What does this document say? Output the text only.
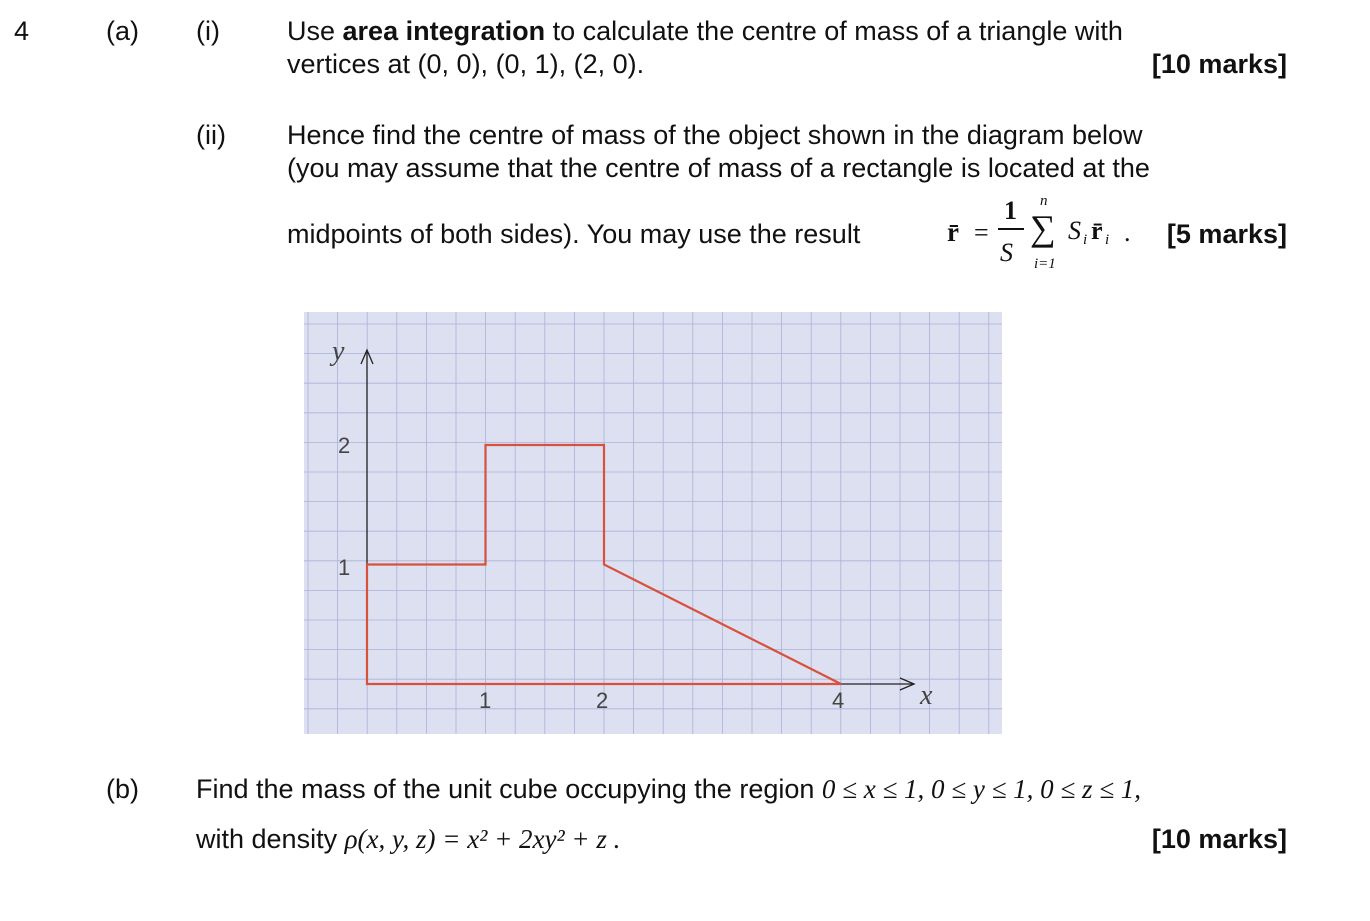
4	(a) (i) Use area integration to calculate the centre of mass of a triangle with
vertices at (0, 0), (0, 1), (2, 0).	[10 marks]
(ii) Hence find the centre of mass of the object shown in the diagram below
(you may assume that the centre of mass of a rectangle is located at the
midpoints of both sides). You may use the result	r̄ =
1
S
n
∑
i=1
S i r̄ i . [5 marks]
y
x
2
1
1	2	4
(b) Find the mass of the unit cube occupying the region 0 ≤ x ≤ 1, 0 ≤ y ≤ 1, 0 ≤ z ≤ 1,
with density ρ(x, y, z) = x² + 2xy² + z .	[10 marks]
